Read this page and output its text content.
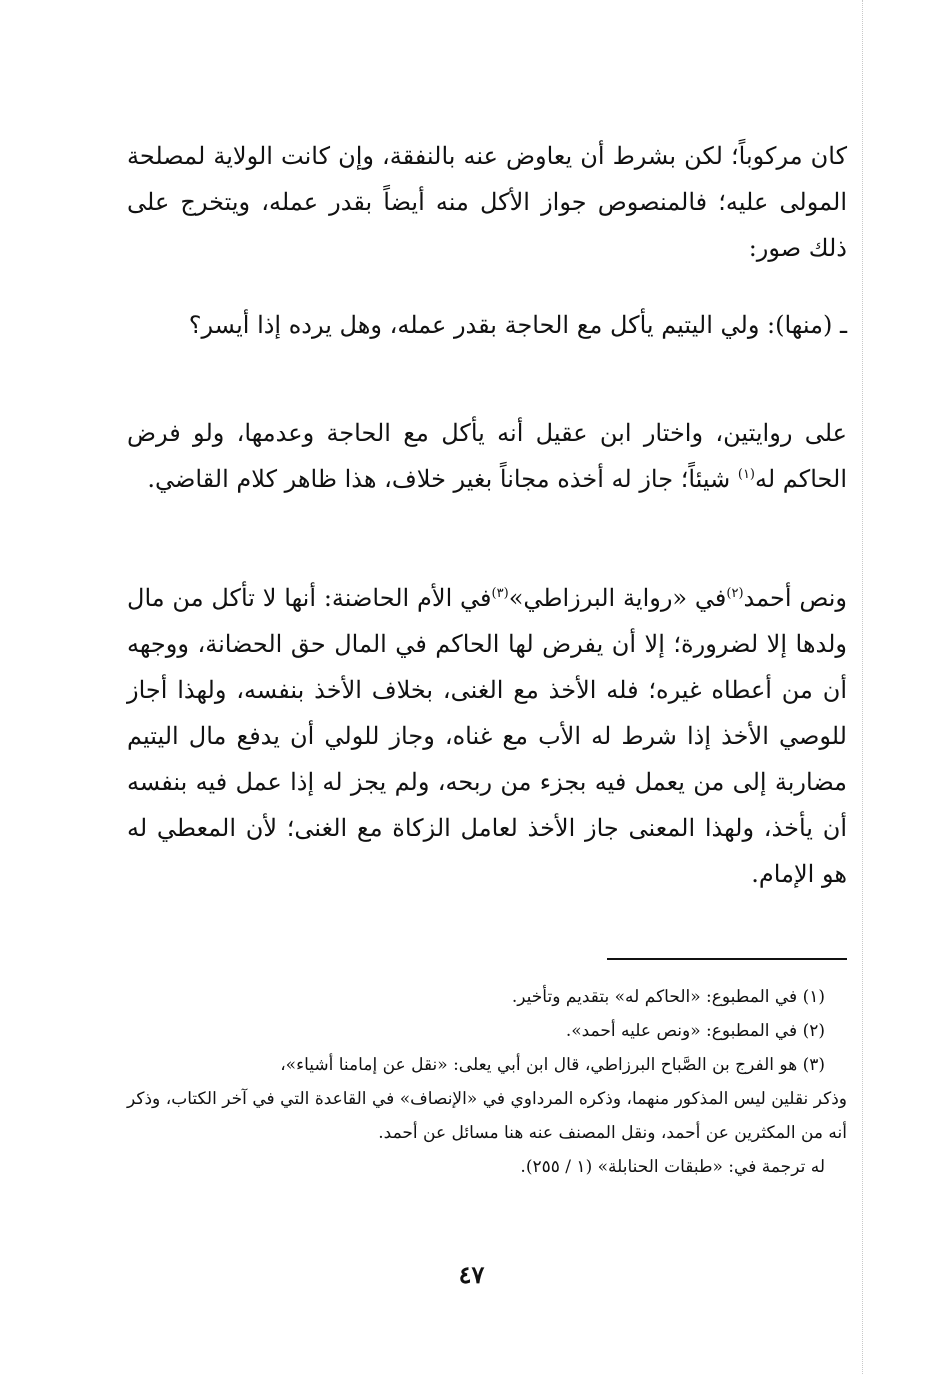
كان مركوباً؛ لكن بشرط أن يعاوض عنه بالنفقة، وإن كانت الولاية لمصلحة المولى عليه؛ فالمنصوص جواز الأكل منه أيضاً بقدر عمله، ويتخرج على ذلك صور:

ـ (منها): ولي اليتيم يأكل مع الحاجة بقدر عمله، وهل يرده إذا أيسر؟

على روايتين، واختار ابن عقيل أنه يأكل مع الحاجة وعدمها، ولو فرض الحاكم له$^{(١)}$ شيئاً؛ جاز له أخذه مجاناً بغير خلاف، هذا ظاهر كلام القاضي.

ونص أحمد$^{(٢)}$في «رواية البرزاطي»$^{(٣)}$في الأم الحاضنة: أنها لا تأكل من مال ولدها إلا لضرورة؛ إلا أن يفرض لها الحاكم في المال حق الحضانة، ووجهه أن من أعطاه غيره؛ فله الأخذ مع الغنى، بخلاف الأخذ بنفسه، ولهذا أجاز للوصي الأخذ إذا شرط له الأب مع غناه، وجاز للولي أن يدفع مال اليتيم مضاربة إلى من يعمل فيه بجزء من ربحه، ولم يجز له إذا عمل فيه بنفسه أن يأخذ، ولهذا المعنى جاز الأخذ لعامل الزكاة مع الغنى؛ لأن المعطي له هو الإمام.

(١) في المطبوع: «الحاكم له» بتقديم وتأخير.

(٢) في المطبوع: «ونص عليه أحمد».

(٣) هو الفرج بن الصَّباح البرزاطي، قال ابن أبي يعلى: «نقل عن إمامنا أشياء»،

وذكر نقلين ليس المذكور منهما، وذكره المرداوي في «الإنصاف» في القاعدة التي في آخر الكتاب، وذكر أنه من المكثرين عن أحمد، ونقل المصنف عنه هنا مسائل عن أحمد.

له ترجمة في: «طبقات الحنابلة» (١ / ٢٥٥).

٤٧
